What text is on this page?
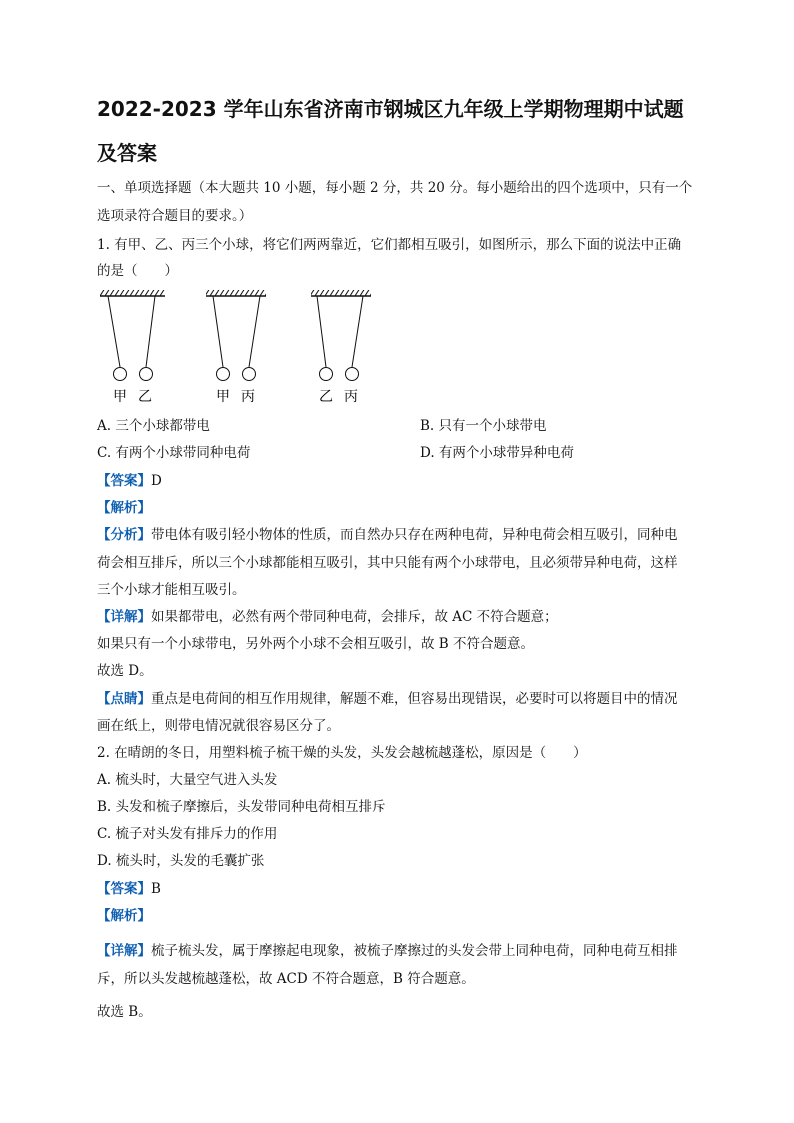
2022-2023 学年山东省济南市钢城区九年级上学期物理期中试题
及答案
一、单项选择题（本大题共 10 小题，每小题 2 分，共 20 分。每小题给出的四个选项中，只有一个
选项录符合题目的要求。）
1. 有甲、乙、丙三个小球，将它们两两靠近，它们都相互吸引，如图所示，那么下面的说法中正确
的是（　　）
甲 乙	甲 丙	乙 丙
A. 三个小球都带电	B. 只有一个小球带电
C. 有两个小球带同种电荷	D. 有两个小球带异种电荷
【答案】D
【解析】
【分析】带电体有吸引轻小物体的性质，而自然办只存在两种电荷，异种电荷会相互吸引，同种电
荷会相互排斥，所以三个小球都能相互吸引，其中只能有两个小球带电，且必须带异种电荷，这样
三个小球才能相互吸引。
【详解】如果都带电，必然有两个带同种电荷，会排斥，故 AC 不符合题意；
如果只有一个小球带电，另外两个小球不会相互吸引，故 B 不符合题意。
故选 D。
【点睛】重点是电荷间的相互作用规律，解题不难，但容易出现错误，必要时可以将题目中的情况
画在纸上，则带电情况就很容易区分了。
2. 在晴朗的冬日，用塑料梳子梳干燥的头发，头发会越梳越蓬松，原因是（　　）
A. 梳头时，大量空气进入头发
B. 头发和梳子摩擦后，头发带同种电荷相互排斥
C. 梳子对头发有排斥力的作用
D. 梳头时，头发的毛囊扩张
【答案】B
【解析】
【详解】梳子梳头发，属于摩擦起电现象，被梳子摩擦过的头发会带上同种电荷，同种电荷互相排
斥，所以头发越梳越蓬松，故 ACD 不符合题意，B 符合题意。
故选 B。
